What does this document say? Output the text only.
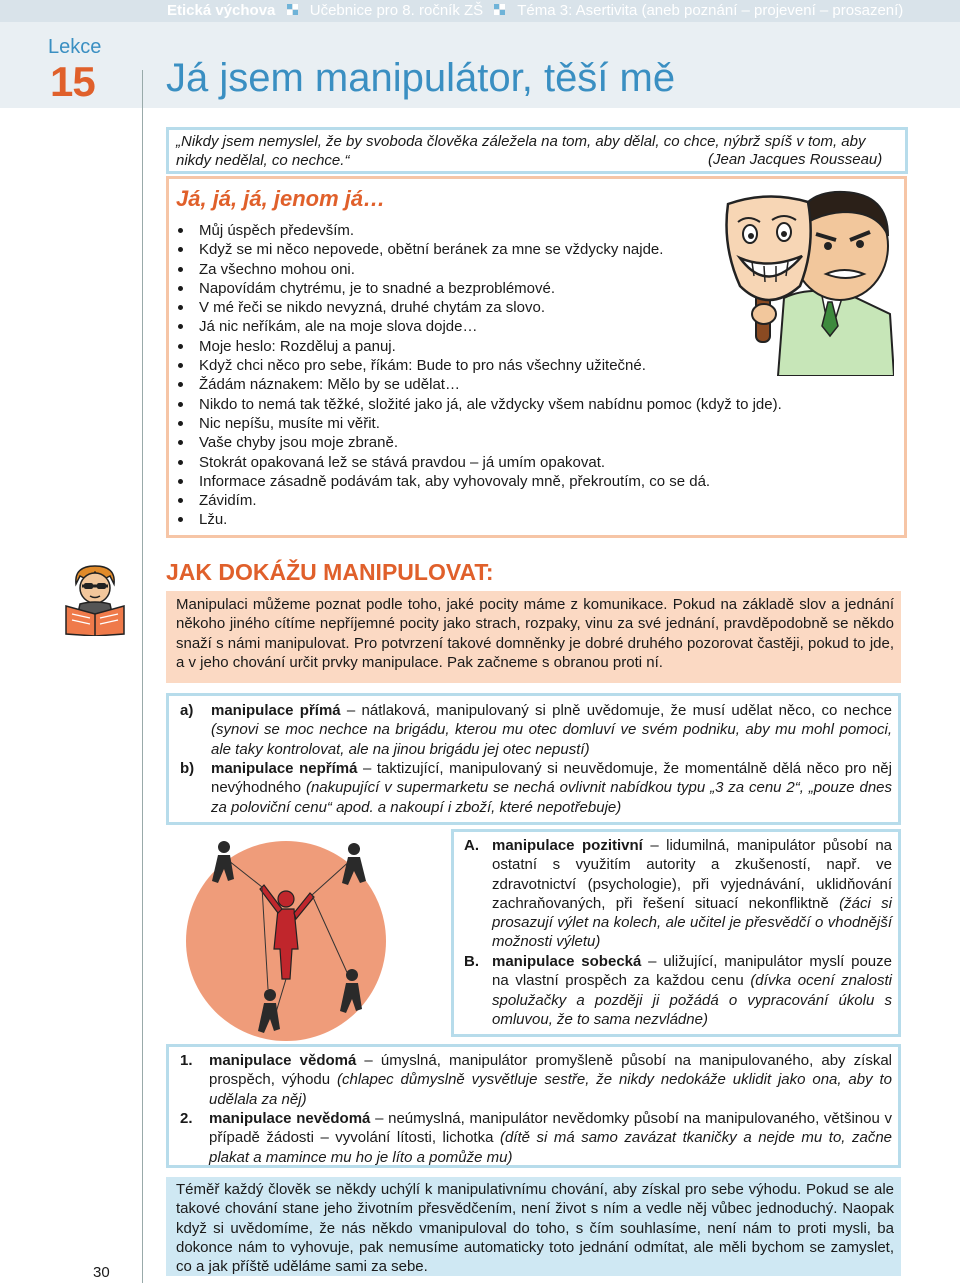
Etická výchova Učebnice pro 8. ročník ZŠ Téma 3: Asertivita (aneb poznání – projevení – prosazení)
Lekce
15 Já jsem manipulátor, těší mě
„Nikdy jsem nemyslel, že by svoboda člověka záležela na tom, aby dělal, co chce, nýbrž spíš v tom, aby nikdy nedělal, co nechce.“	(Jean Jacques Rousseau)
Já, já, já, jenom já…
Můj úspěch především.
Když se mi něco nepovede, obětní beránek za mne se vždycky najde.
Za všechno mohou oni.
Napovídám chytrému, je to snadné a bezproblémové.
V mé řeči se nikdo nevyzná, druhé chytám za slovo.
Já nic neříkám, ale na moje slova dojde…
Moje heslo: Rozděluj a panuj.
Když chci něco pro sebe, říkám: Bude to pro nás všechny užitečné.
Žádám náznakem: Mělo by se udělat…
Nikdo to nemá tak těžké, složité jako já, ale vždycky všem nabídnu pomoc (když to jde).
Nic nepíšu, musíte mi věřit.
Vaše chyby jsou moje zbraně.
Stokrát opakovaná lež se stává pravdou – já umím opakovat.
Informace zásadně podávám tak, aby vyhovovaly mně, překroutím, co se dá.
Závidím.
Lžu.
JAK DOKÁŽU MANIPULOVAT:
Manipulaci můžeme poznat podle toho, jaké pocity máme z komunikace. Pokud na základě slov a jednání někoho jiného cítíme nepříjemné pocity jako strach, rozpaky, vinu za své jednání, pravděpodobně se někdo snaží s námi manipulovat. Pro potvrzení takové domněnky je dobré druhého pozorovat častěji, pokud to jde, a v jeho chování určit prvky manipulace. Pak začneme s obranou proti ní.
a) manipulace přímá – nátlaková, manipulovaný si plně uvědomuje, že musí udělat něco, co nechce (synovi se moc nechce na brigádu, kterou mu otec domluví ve svém podniku, aby mu mohl pomoci, ale taky kontrolovat, ale na jinou brigádu jej otec nepustí)
b) manipulace nepřímá – taktizující, manipulovaný si neuvědomuje, že momentálně dělá něco pro něj nevýhodného (nakupující v supermarketu se nechá ovlivnit nabídkou typu „3 za cenu 2“, „pouze dnes za poloviční cenu“ apod. a nakoupí i zboží, které nepotřebuje)
A. manipulace pozitivní – lidumilná, manipulátor působí na ostatní s využitím autority a zkušeností, např. ve zdravotnictví (psychologie), při vyjednávání, uklidňování zachraňovaných, při řešení situací nekonfliktně (žáci si prosazují výlet na kolech, ale učitel je přesvědčí o vhodnější možnosti výletu)
B. manipulace sobecká – uližující, manipulátor myslí pouze na vlastní prospěch za každou cenu (dívka ocení znalosti spolužačky a později ji požádá o vypracování úkolu s omluvou, že to sama nezvládne)
1. manipulace vědomá – úmyslná, manipulátor promyšleně působí na manipulovaného, aby získal prospěch, výhodu (chlapec důmyslně vysvětluje sestře, že nikdy nedokáže uklidit jako ona, aby to udělala za něj)
2. manipulace nevědomá – neúmyslná, manipulátor nevědomky působí na manipulovaného, většinou v případě žádosti – vyvolání lítosti, lichotka (dítě si má samo zavázat tkaničky a nejde mu to, začne plakat a mamince mu ho je líto a pomůže mu)
Téměř každý člověk se někdy uchýlí k manipulativnímu chování, aby získal pro sebe výhodu. Pokud se ale takové chování stane jeho životním přesvědčením, není život s ním a vedle něj vůbec jednoduchý. Naopak když si uvědomíme, že nás někdo vmanipuloval do toho, s čím souhlasíme, není nám to proti mysli, ba dokonce nám to vyhovuje, pak nemusíme automaticky toto jednání odmítat, ale měli bychom se zamyslet, co a jak příště uděláme sami za sebe.
30
